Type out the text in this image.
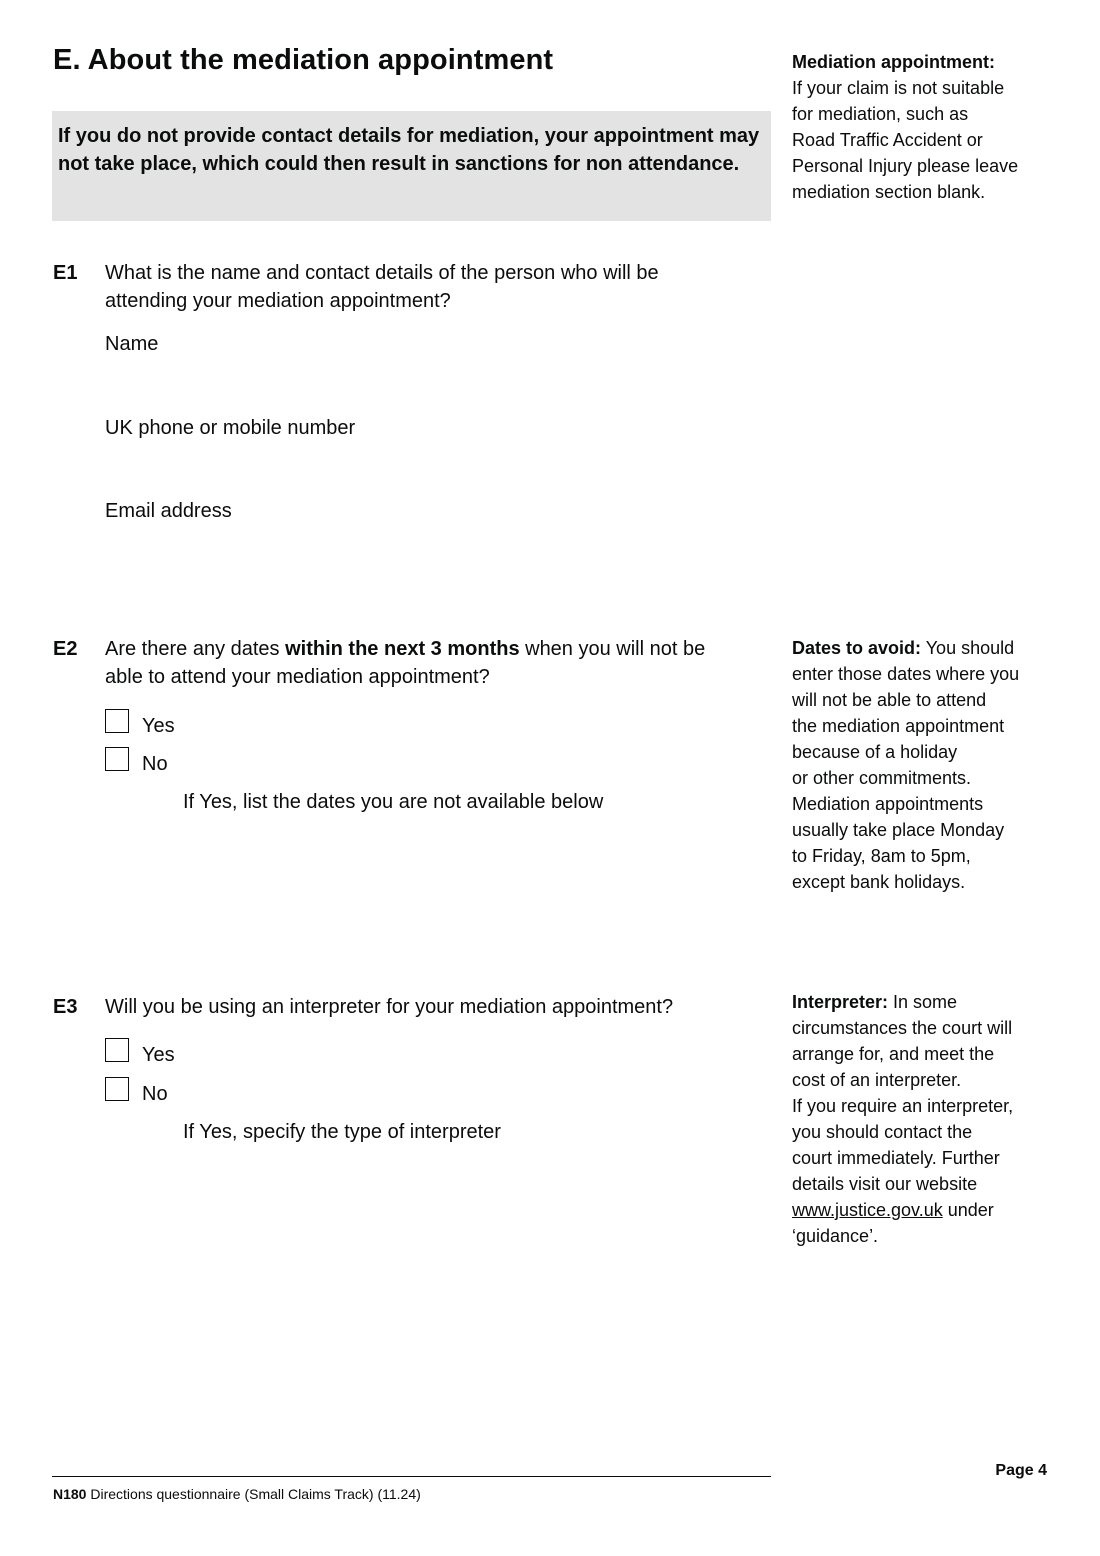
E. About the mediation appointment
If you do not provide contact details for mediation, your appointment may not take place, which could then result in sanctions for non attendance.
E1 What is the name and contact details of the person who will be
attending your mediation appointment?
Name
UK phone or mobile number
Email address
E2 Are there any dates within the next 3 months when you will not be
able to attend your mediation appointment?
Yes
No
If Yes, list the dates you are not available below
E3 Will you be using an interpreter for your mediation appointment?
Yes
No
If Yes, specify the type of interpreter
Mediation appointment:
If your claim is not suitable
for mediation, such as
Road Traffic Accident or
Personal Injury please leave
mediation section blank.
Dates to avoid: You should
enter those dates where you
will not be able to attend
the mediation appointment
because of a holiday
or other commitments.
Mediation appointments
usually take place Monday
to Friday, 8am to 5pm,
except bank holidays.
Interpreter: In some
circumstances the court will
arrange for, and meet the
cost of an interpreter.
If you require an interpreter,
you should contact the
court immediately. Further
details visit our website
www.justice.gov.uk under
‘guidance’.
N180 Directions questionnaire (Small Claims Track) (11.24)
Page 4
